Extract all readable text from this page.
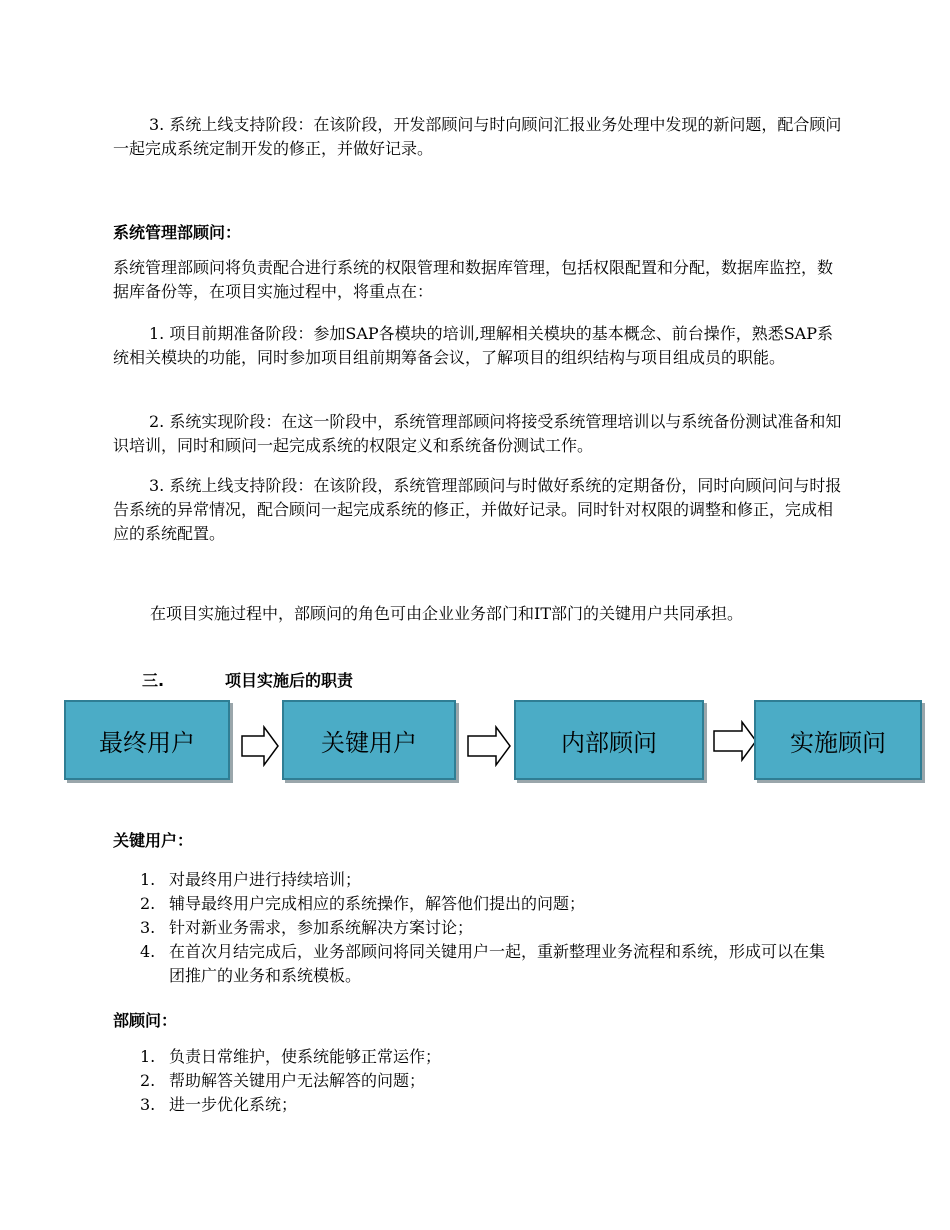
3. 系统上线支持阶段：在该阶段，开发部顾问与时向顾问汇报业务处理中发现的新问题，配合顾问一起完成系统定制开发的修正，并做好记录。

系统管理部顾问：

系统管理部顾问将负责配合进行系统的权限管理和数据库管理，包括权限配置和分配，数据库监控，数据库备份等，在项目实施过程中，将重点在：

1. 项目前期准备阶段：参加SAP各模块的培训,理解相关模块的基本概念、前台操作，熟悉SAP系统相关模块的功能，同时参加项目组前期筹备会议，了解项目的组织结构与项目组成员的职能。

2. 系统实现阶段：在这一阶段中，系统管理部顾问将接受系统管理培训以与系统备份测试准备和知识培训，同时和顾问一起完成系统的权限定义和系统备份测试工作。

3. 系统上线支持阶段：在该阶段，系统管理部顾问与时做好系统的定期备份，同时向顾问问与时报告系统的异常情况，配合顾问一起完成系统的修正，并做好记录。同时针对权限的调整和修正，完成相应的系统配置。

在项目实施过程中，部顾问的角色可由企业业务部门和IT部门的关键用户共同承担。

三.	项目实施后的职责
最终用户	关键用户	内部顾问	实施顾问
关键用户：
1. 对最终用户进行持续培训；
2. 辅导最终用户完成相应的系统操作，解答他们提出的问题；
3. 针对新业务需求，参加系统解决方案讨论；
4. 在首次月结完成后，业务部顾问将同关键用户一起，重新整理业务流程和系统，形成可以在集团推广的业务和系统模板。
部顾问：
1. 负责日常维护，使系统能够正常运作；
2. 帮助解答关键用户无法解答的问题；
3. 进一步优化系统；
